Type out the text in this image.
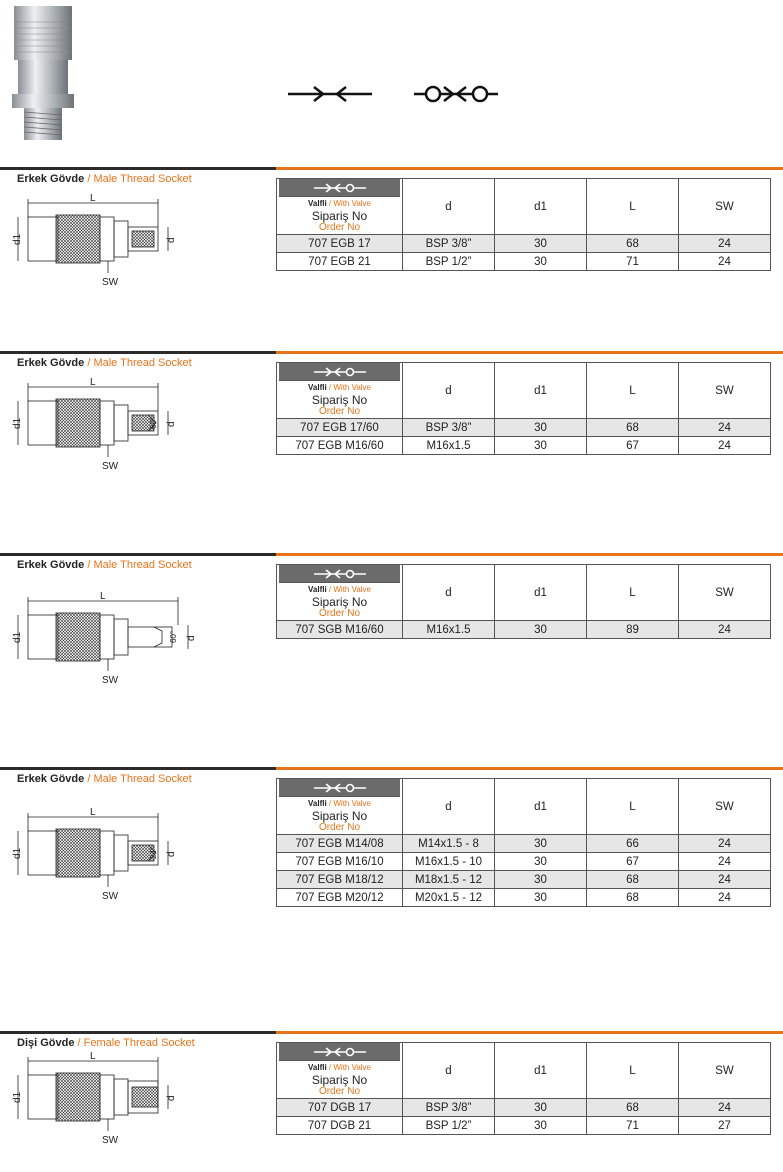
Erkek Gövde / Male Thread Socket
L
d1	d
SW
Valfli / With Valve
Sipariş No
Order No	d	d1	L	SW
707 EGB 17	BSP 3/8”	30	68	24
707 EGB 21	BSP 1/2”	30	71	24
Erkek Gövde / Male Thread Socket
L
d1	d
60°
SW
Valfli / With Valve
Sipariş No
Order No	d	d1	L	SW
707 EGB 17/60	BSP 3/8”	30	68	24
707 EGB M16/60	M16x1.5	30	67	24
Erkek Gövde / Male Thread Socket
L
d1	d
60°
SW
Valfli / With Valve
Sipariş No
Order No	d	d1	L	SW
707 SGB M16/60	M16x1.5	30	89	24
Erkek Gövde / Male Thread Socket
L
d1	d
24°
SW
Valfli / With Valve
Sipariş No
Order No	d	d1	L	SW
707 EGB M14/08	M14x1.5 - 8	30	66	24
707 EGB M16/10	M16x1.5 - 10	30	67	24
707 EGB M18/12	M18x1.5 - 12	30	68	24
707 EGB M20/12	M20x1.5 - 12	30	68	24
Dişi Gövde / Female Thread Socket
L
d1	d
SW
Valfli / With Valve
Sipariş No
Order No	d	d1	L	SW
707 DGB 17	BSP 3/8”	30	68	24
707 DGB 21	BSP 1/2”	30	71	27
